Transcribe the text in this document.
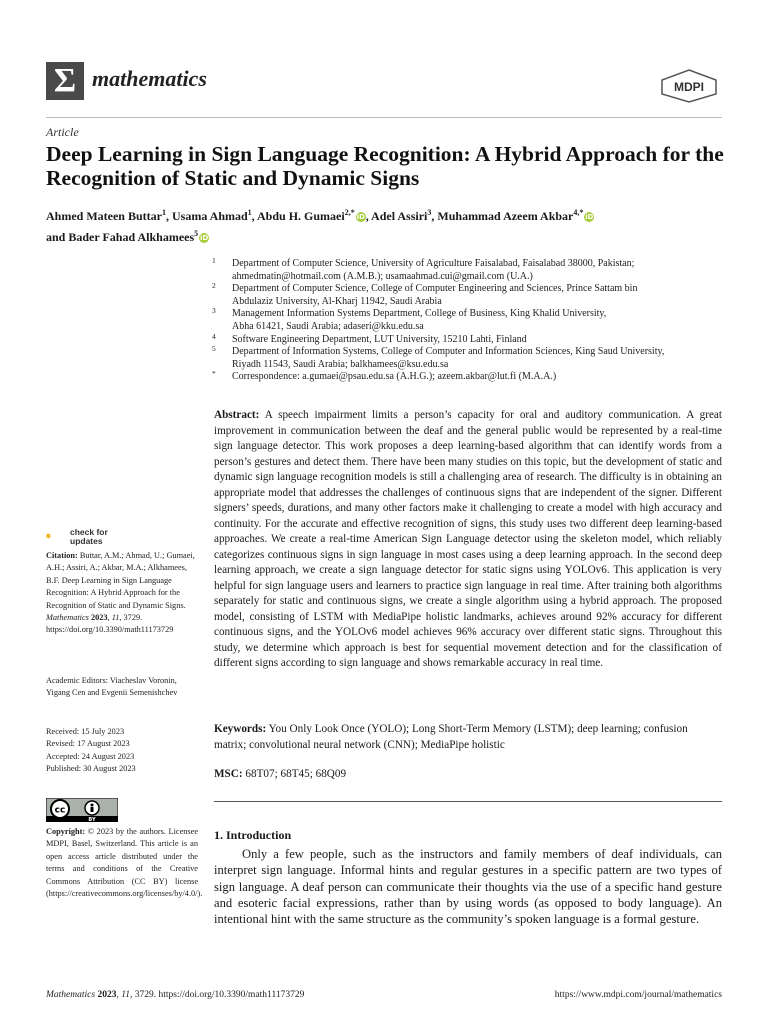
Σ mathematics	MDPI
Article
Deep Learning in Sign Language Recognition: A Hybrid Approach for the Recognition of Static and Dynamic Signs
Ahmed Mateen Buttar$^1$, Usama Ahmad$^1$, Abdu H. Gumaei$^{2,*}$iD, Adel Assiri$^3$, Muhammad Azeem Akbar$^{4,*}$iD
and Bader Fahad Alkhamees$^5$iD
1 Department of Computer Science, University of Agriculture Faisalabad, Faisalabad 38000, Pakistan;
ahmedmatin@hotmail.com (A.M.B.); usamaahmad.cui@gmail.com (U.A.)
2 Department of Computer Science, College of Computer Engineering and Sciences, Prince Sattam bin
Abdulaziz University, Al-Kharj 11942, Saudi Arabia
3 Management Information Systems Department, College of Business, King Khalid University,
Abha 61421, Saudi Arabia; adaseri@kku.edu.sa
4 Software Engineering Department, LUT University, 15210 Lahti, Finland
5 Department of Information Systems, College of Computer and Information Sciences, King Saud University,
Riyadh 11543, Saudi Arabia; balkhamees@ksu.edu.sa
* Correspondence: a.gumaei@psau.edu.sa (A.H.G.); azeem.akbar@lut.fi (M.A.A.)
Abstract: A speech impairment limits a person’s capacity for oral and auditory communication. A great improvement in communication between the deaf and the general public would be represented by a real-time sign language detector. This work proposes a deep learning-based algorithm that can identify words from a person’s gestures and detect them. There have been many studies on this topic, but the development of static and dynamic sign language recognition models is still a challenging area of research. The difficulty is in obtaining an appropriate model that addresses the challenges of continuous signs that are independent of the signer. Different signers’ speeds, durations, and many other factors make it challenging to create a model with high accuracy and continuity. For the accurate and effective recognition of signs, this study uses two different deep learning-based approaches. We create a real-time American Sign Language detector using the skeleton model, which reliably categorizes continuous signs in sign language in most cases using a deep learning approach. In the second deep learning approach, we create a sign language detector for static signs using YOLOv6. This application is very helpful for sign language users and learners to practice sign language in real time. After training both algorithms separately for static and continuous signs, we create a single algorithm using a hybrid approach. The proposed model, consisting of LSTM with MediaPipe holistic landmarks, achieves around 92% accuracy for different continuous signs, and the YOLOv6 model achieves 96% accuracy over different static signs. Throughout this study, we determine which approach is best for sequential movement detection and for the classification of different signs according to sign language and shows remarkable accuracy in real time.
Keywords: You Only Look Once (YOLO); Long Short-Term Memory (LSTM); deep learning; confusion matrix; convolutional neural network (CNN); MediaPipe holistic
MSC: 68T07; 68T45; 68Q09
1. Introduction
Only a few people, such as the instructors and family members of deaf individuals, can interpret sign language. Informal hints and regular gestures in a specific pattern are two types of sign language. A deaf person can communicate their thoughts via the use of a specific hand gesture and esoteric facial expressions, rather than by using words (as opposed to body language). An intentional hint with the same structure as the community’s spoken language is a formal gesture.
check for
updates
Citation: Buttar, A.M.; Ahmad, U.; Gumaei, A.H.; Assiri, A.; Akbar, M.A.; Alkhamees, B.F. Deep Learning in Sign Language Recognition: A Hybrid Approach for the Recognition of Static and Dynamic Signs. Mathematics 2023, 11, 3729. https://doi.org/10.3390/math11173729
Academic Editors: Viacheslav Voronin, Yigang Cen and Evgenii Semenishchev
Received: 15 July 2023
Revised: 17 August 2023
Accepted: 24 August 2023
Published: 30 August 2023
cc
BY
Copyright: © 2023 by the authors. Licensee MDPI, Basel, Switzerland. This article is an open access article distributed under the terms and conditions of the Creative Commons Attribution (CC BY) license (https://creativecommons.org/licenses/by/4.0/).
Mathematics 2023, 11, 3729. https://doi.org/10.3390/math11173729	https://www.mdpi.com/journal/mathematics
